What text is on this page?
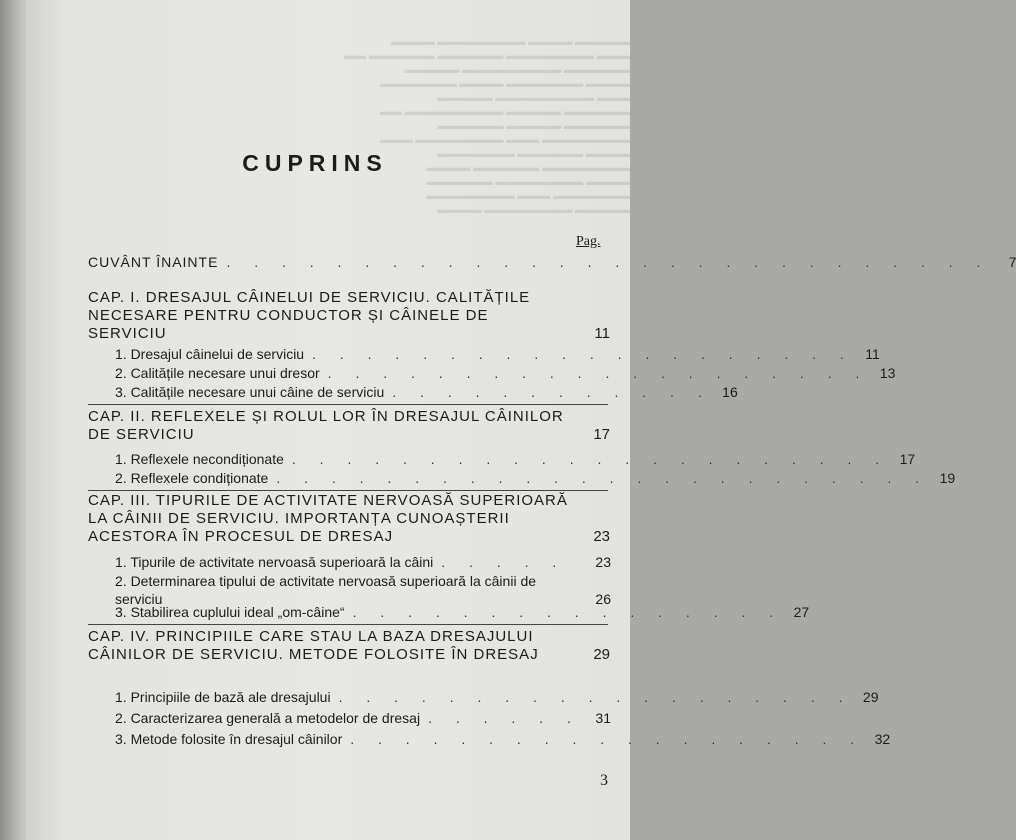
▬▬▬▬▬ ▬▬▬▬ ▬▬▬▬▬▬▬▬ ▬▬▬▬
▬▬▬ ▬▬▬▬▬▬▬▬ ▬▬▬▬▬▬ ▬▬▬▬▬▬ ▬▬
▬▬▬▬▬▬ ▬▬▬▬▬▬▬▬▬ ▬▬▬▬▬
▬▬▬▬ ▬▬▬▬▬▬▬ ▬▬▬▬ ▬▬▬▬▬▬▬
▬▬▬ ▬▬▬▬▬▬▬▬▬ ▬▬▬▬▬
▬▬▬▬▬▬ ▬▬▬▬▬ ▬▬▬▬▬▬▬▬▬ ▬▬
▬▬▬▬▬▬ ▬▬▬▬▬ ▬▬▬▬▬▬
▬▬▬▬▬▬▬▬ ▬▬▬ ▬▬▬▬▬▬▬▬ ▬▬▬
▬▬▬▬ ▬▬▬▬▬▬ ▬▬▬▬▬▬▬
▬▬▬▬▬▬▬▬ ▬▬▬▬▬▬ ▬▬▬▬
▬▬▬▬ ▬▬▬▬▬▬▬▬ ▬▬▬▬▬▬
▬▬▬▬▬▬▬ ▬▬▬ ▬▬▬▬▬▬▬▬
▬▬▬▬▬ ▬▬▬▬▬▬▬▬ ▬▬▬▬
CUPRINS
Pag.
CUVÂNT ÎNAINTE . . . . . . . . . . . . . . . . . . . . . . . . . . . .	7
CAP. I. DRESAJUL CÂINELUI DE SERVICIU. CALITĂȚILE NECESARE PENTRU CONDUCTOR ȘI CÂINELE DE SERVICIU	11
1. Dresajul câinelui de serviciu . . . . . . . . . . . . . . . . . . . . 11
2. Calitățile necesare unui dresor . . . . . . . . . . . . . . . . . . . . 13
3. Calitățile necesare unui câine de serviciu . . . . . . . . . . . . 16
CAP. II. REFLEXELE ȘI ROLUL LOR ÎN DRESAJUL CÂINILOR DE SERVICIU	17
1. Reflexele necondiționate . . . . . . . . . . . . . . . . . . . . . . 17
2. Reflexele condiționate . . . . . . . . . . . . . . . . . . . . . . . . 19
CAP. III. TIPURILE DE ACTIVITATE NERVOASĂ SUPERIOARĂ LA CÂINII DE SERVICIU. IMPORTANȚA CUNOAȘTERII ACESTORA ÎN PROCESUL DE DRESAJ	23
1. Tipurile de activitate nervoasă superioară la câini . . . . .	23
2. Determinarea tipului de activitate nervoasă superioară la câinii de serviciu	26
3. Stabilirea cuplului ideal „om-câine“ . . . . . . . . . . . . . . . . 27
CAP. IV. PRINCIPIILE CARE STAU LA BAZA DRESAJULUI CÂINILOR DE SERVICIU. METODE FOLOSITE ÎN DRESAJ	29
1. Principiile de bază ale dresajului . . . . . . . . . . . . . . . . . . . 29
2. Caracterizarea generală a metodelor de dresaj . . . . . .	31
3. Metode folosite în dresajul câinilor . . . . . . . . . . . . . . . . . . . 32
3
